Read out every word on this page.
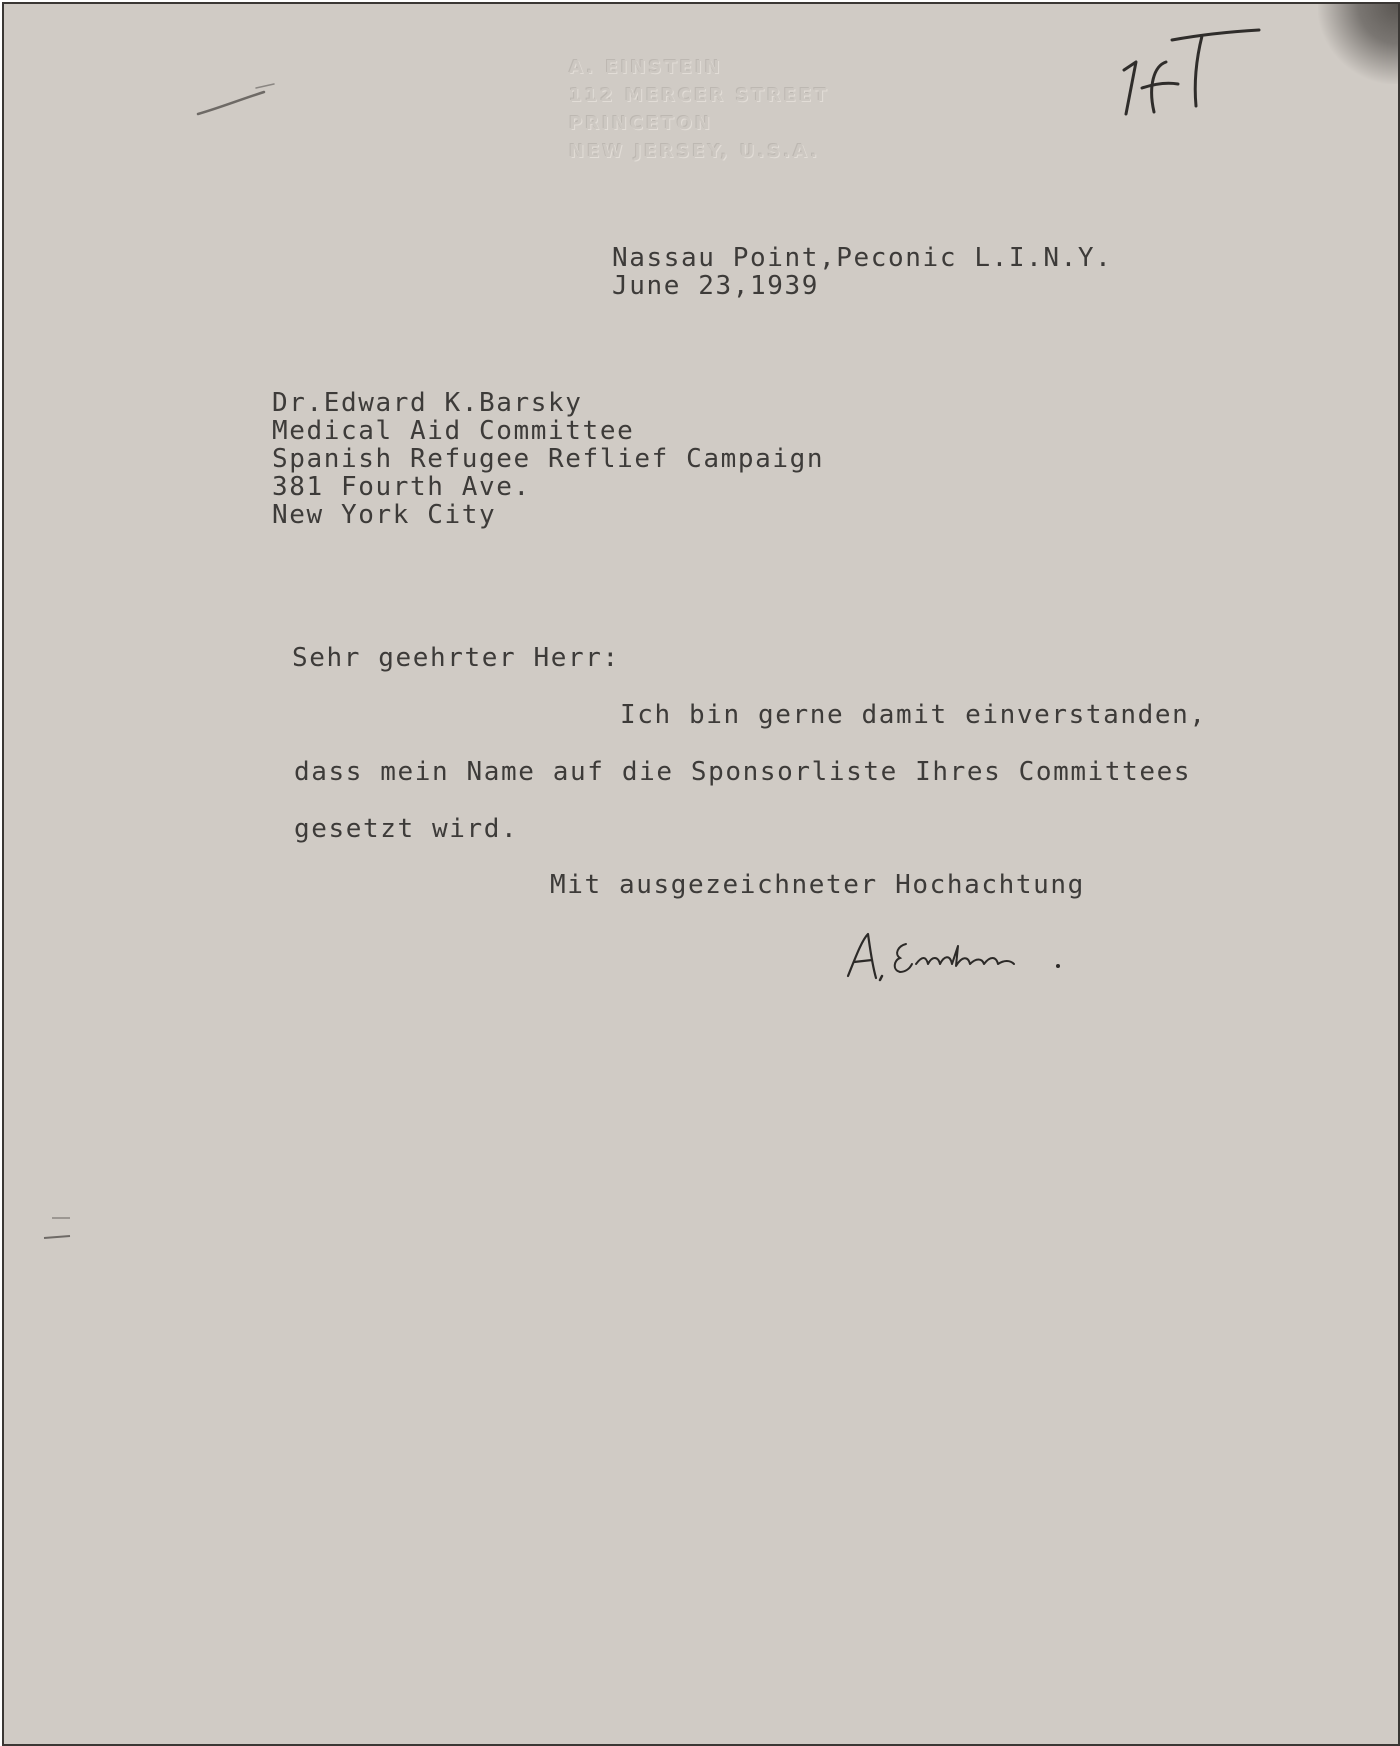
A. EINSTEIN
112 MERCER STREET
PRINCETON
NEW JERSEY, U.S.A.
Nassau Point,Peconic L.I.N.Y.
June 23,1939
Dr.Edward K.Barsky
Medical Aid Committee
Spanish Refugee Reflief Campaign
381 Fourth Ave.
New York City
Sehr geehrter Herr:
Ich bin gerne damit einverstanden,
dass mein Name auf die Sponsorliste Ihres Committees
gesetzt wird.
Mit ausgezeichneter Hochachtung
